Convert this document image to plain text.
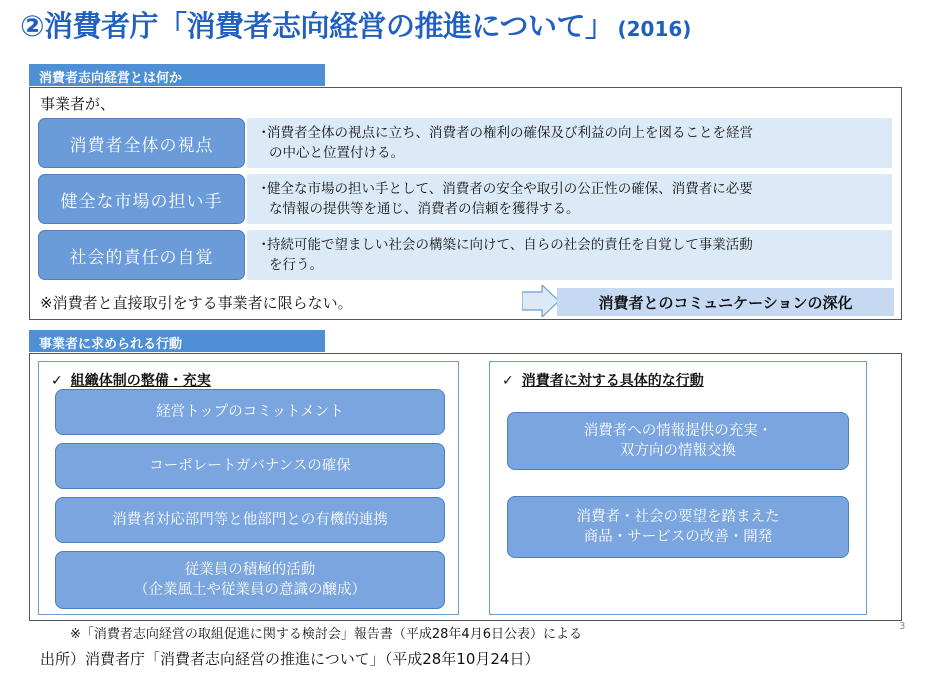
②消費者庁「消費者志向経営の推進について」 (2016)
消費者志向経営とは何か
事業者が、
消費者全体の視点
・消費者全体の視点に立ち、消費者の権利の確保及び利益の向上を図ることを経営
の中心と位置付ける。
健全な市場の担い手
・健全な市場の担い手として、消費者の安全や取引の公正性の確保、消費者に必要
な情報の提供等を通じ、消費者の信頼を獲得する。
社会的責任の自覚
・持続可能で望ましい社会の構築に向けて、自らの社会的責任を自覚して事業活動
を行う。
※消費者と直接取引をする事業者に限らない。	消費者とのコミュニケーションの深化
事業者に求められる行動
✓ 組織体制の整備・充実
経営トップのコミットメント
コーポレートガバナンスの確保
消費者対応部門等と他部門との有機的連携
従業員の積極的活動
（企業風土や従業員の意識の醸成）
✓ 消費者に対する具体的な行動
消費者への情報提供の充実・
双方向の情報交換
消費者・社会の要望を踏まえた
商品・サービスの改善・開発
※「消費者志向経営の取組促進に関する検討会」報告書（平成28年4月6日公表）による
3
出所）消費者庁「消費者志向経営の推進について」（平成28年10月24日）
